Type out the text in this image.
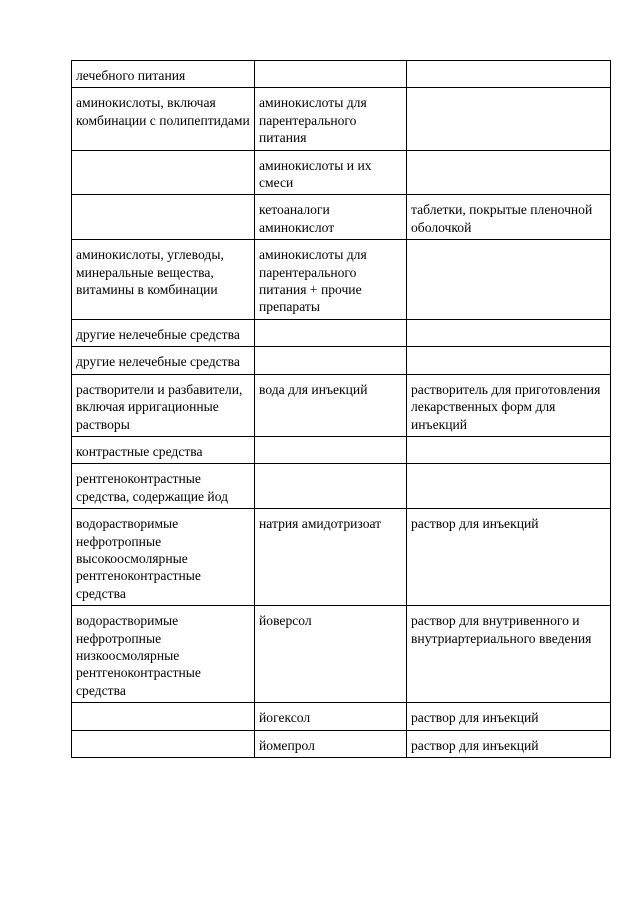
лечебного питания		
аминокислоты, включая комбинации с полипептидами	аминокислоты для парентерального питания	
	аминокислоты и их смеси	
	кетоаналоги аминокислот	таблетки, покрытые пленочной оболочкой
аминокислоты, углеводы, минеральные вещества, витамины в комбинации	аминокислоты для парентерального питания + прочие препараты	
другие нелечебные средства		
другие нелечебные средства		
растворители и разбавители, включая ирригационные растворы	вода для инъекций	растворитель для приготовления лекарственных форм для инъекций
контрастные средства		
рентгеноконтрастные средства, содержащие йод		
водорастворимые нефротропные высокоосмолярные рентгеноконтрастные средства	натрия амидотризоат	раствор для инъекций
водорастворимые нефротропные низкоосмолярные рентгеноконтрастные средства	йоверсол	раствор для внутривенного и внутриартериального введения
	йогексол	раствор для инъекций
	йомепрол	раствор для инъекций
